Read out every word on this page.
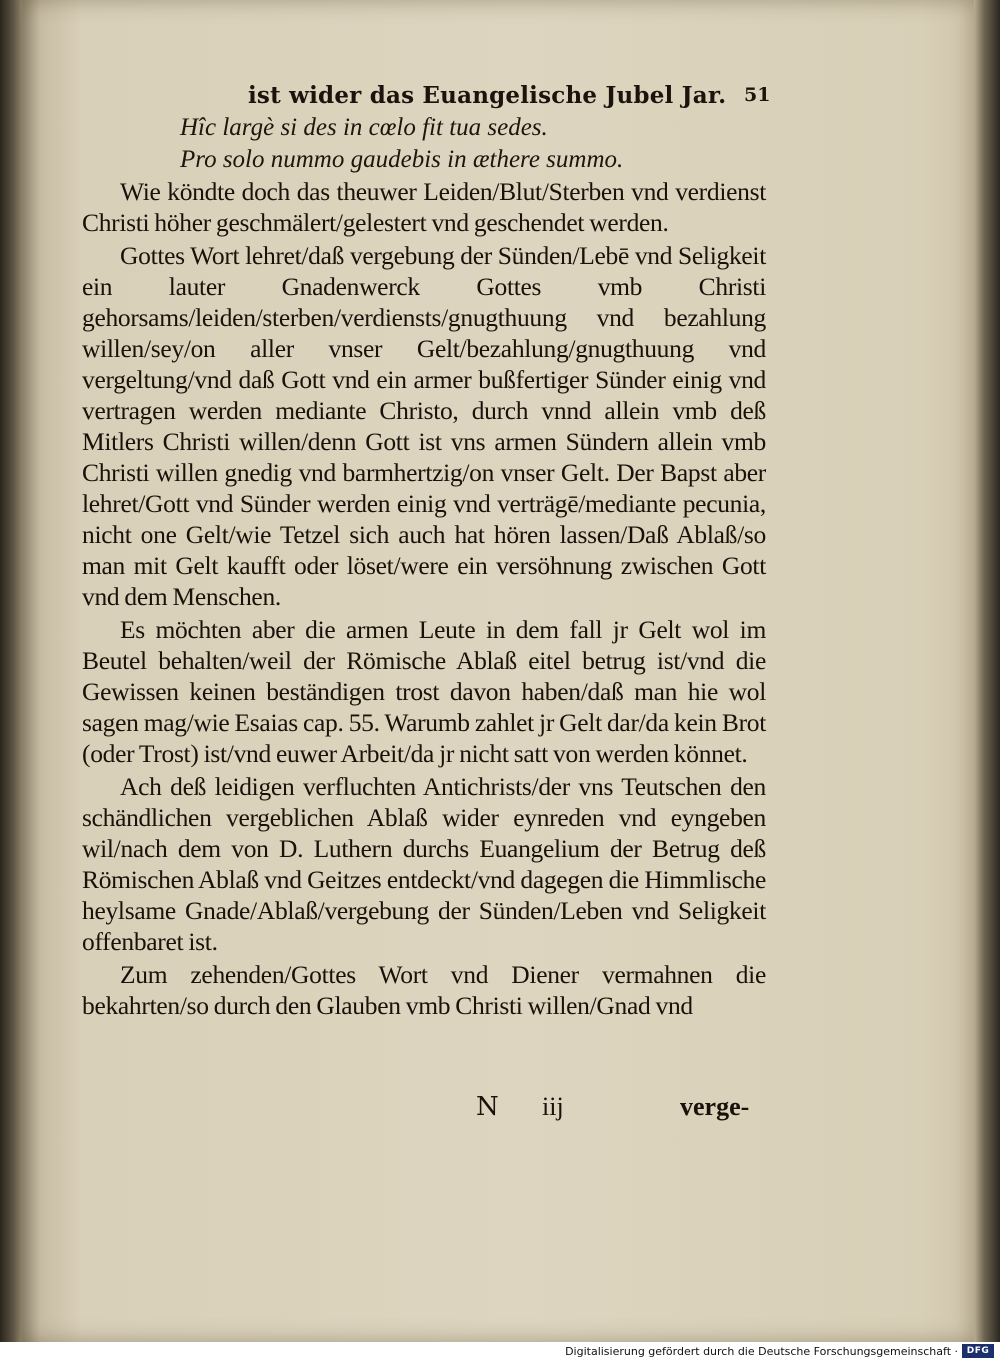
ist wider das Euangelische Jubel Jar. 51
Hîc largè si des in cœlo fit tua sedes.
Pro solo nummo gaudebis in æthere summo.

Wie köndte doch das theuwer Leiden/Blut/Sterben vnd verdienst Christi höher geschmälert/gelestert vnd geschendet werden.

Gottes Wort lehret/daß vergebung der Sünden/Lebē vnd Seligkeit ein lauter Gnadenwerck Gottes vmb Christi gehorsams/leiden/sterben/verdiensts/gnugthuung vnd bezahlung willen/sey/on aller vnser Gelt/bezahlung/gnugthuung vnd vergeltung/vnd daß Gott vnd ein armer bußfertiger Sünder einig vnd vertragen werden mediante Christo, durch vnnd allein vmb deß Mitlers Christi willen/denn Gott ist vns armen Sündern allein vmb Christi willen gnedig vnd barmhertzig/on vnser Gelt. Der Bapst aber lehret/Gott vnd Sünder werden einig vnd verträgē/mediante pecunia, nicht one Gelt/wie Tetzel sich auch hat hören lassen/Daß Ablaß/so man mit Gelt kaufft oder löset/were ein versöhnung zwischen Gott vnd dem Menschen.

Es möchten aber die armen Leute in dem fall jr Gelt wol im Beutel behalten/weil der Römische Ablaß eitel betrug ist/vnd die Gewissen keinen beständigen trost davon haben/daß man hie wol sagen mag/wie Esaias cap. 55. Warumb zahlet jr Gelt dar/da kein Brot (oder Trost) ist/vnd euwer Arbeit/da jr nicht satt von werden könnet.

Ach deß leidigen verfluchten Antichrists/der vns Teutschen den schändlichen vergeblichen Ablaß wider eynreden vnd eyngeben wil/nach dem von D. Luthern durchs Euangelium der Betrug deß Römischen Ablaß vnd Geitzes entdeckt/vnd dagegen die Himmlische heylsame Gnade/Ablaß/vergebung der Sünden/Leben vnd Seligkeit offenbaret ist.

Zum zehenden/Gottes Wort vnd Diener vermahnen die bekahrten/so durch den Glauben vmb Christi willen/Gnad vnd

N iij	verge-
Digitalisierung gefördert durch die Deutsche Forschungsgemeinschaft · DFG
